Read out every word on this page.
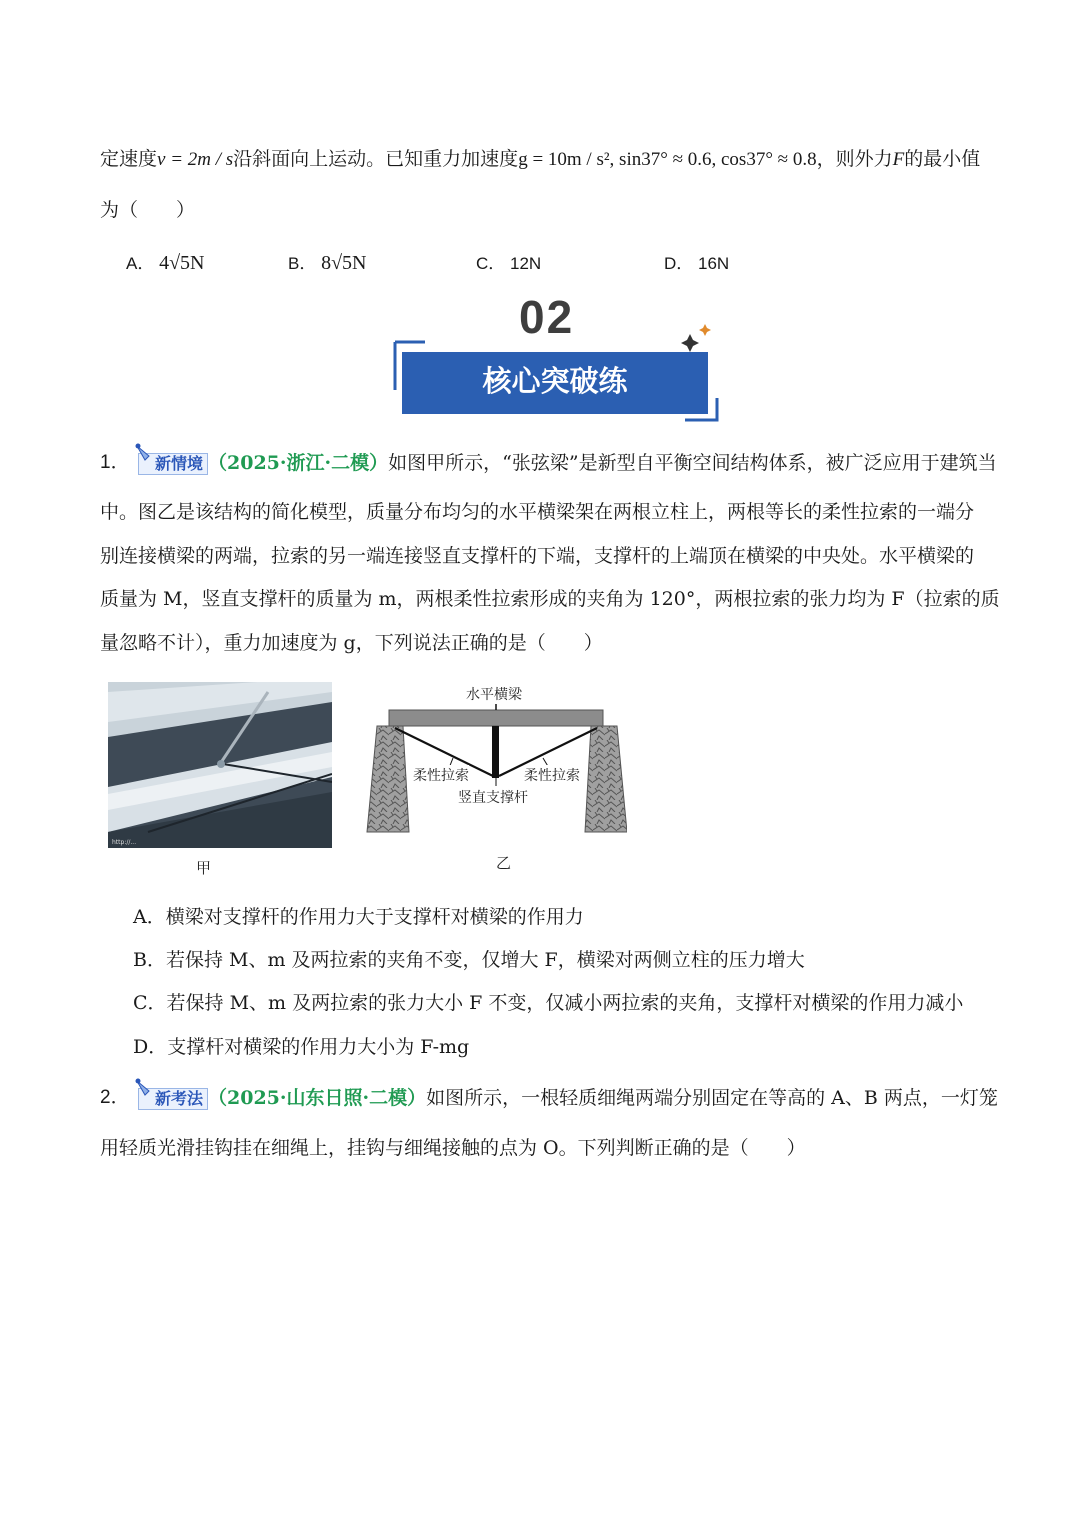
定速度v = 2m / s沿斜面向上运动。已知重力加速度g = 10m / s², sin37° ≈ 0.6, cos37° ≈ 0.8，则外力F的最小值
为（　　）
A． 4√5N	B． 8√5N	C． 12N	D． 16N
02
核心突破练
1．	新情境 （2025·浙江·二模）如图甲所示，“张弦梁”是新型自平衡空间结构体系，被广泛应用于建筑当
中。图乙是该结构的简化模型，质量分布均匀的水平横梁架在两根立柱上，两根等长的柔性拉索的一端分
别连接横梁的两端，拉索的另一端连接竖直支撑杆的下端，支撑杆的上端顶在横梁的中央处。水平横梁的
质量为 M，竖直支撑杆的质量为 m，两根柔性拉索形成的夹角为 120°，两根拉索的张力均为 F（拉索的质
量忽略不计），重力加速度为 g，下列说法正确的是（　　）
http://...
甲
水平横梁
柔性拉索	柔性拉索
竖直支撑杆
乙
A．横梁对支撑杆的作用力大于支撑杆对横梁的作用力
B．若保持 M、m 及两拉索的夹角不变，仅增大 F，横梁对两侧立柱的压力增大
C．若保持 M、m 及两拉索的张力大小 F 不变，仅减小两拉索的夹角，支撑杆对横梁的作用力减小
D．支撑杆对横梁的作用力大小为 F-mg
2．	新考法 （2025·山东日照·二模）如图所示，一根轻质细绳两端分别固定在等高的 A、B 两点，一灯笼
用轻质光滑挂钩挂在细绳上，挂钩与细绳接触的点为 O。下列判断正确的是（　　）
